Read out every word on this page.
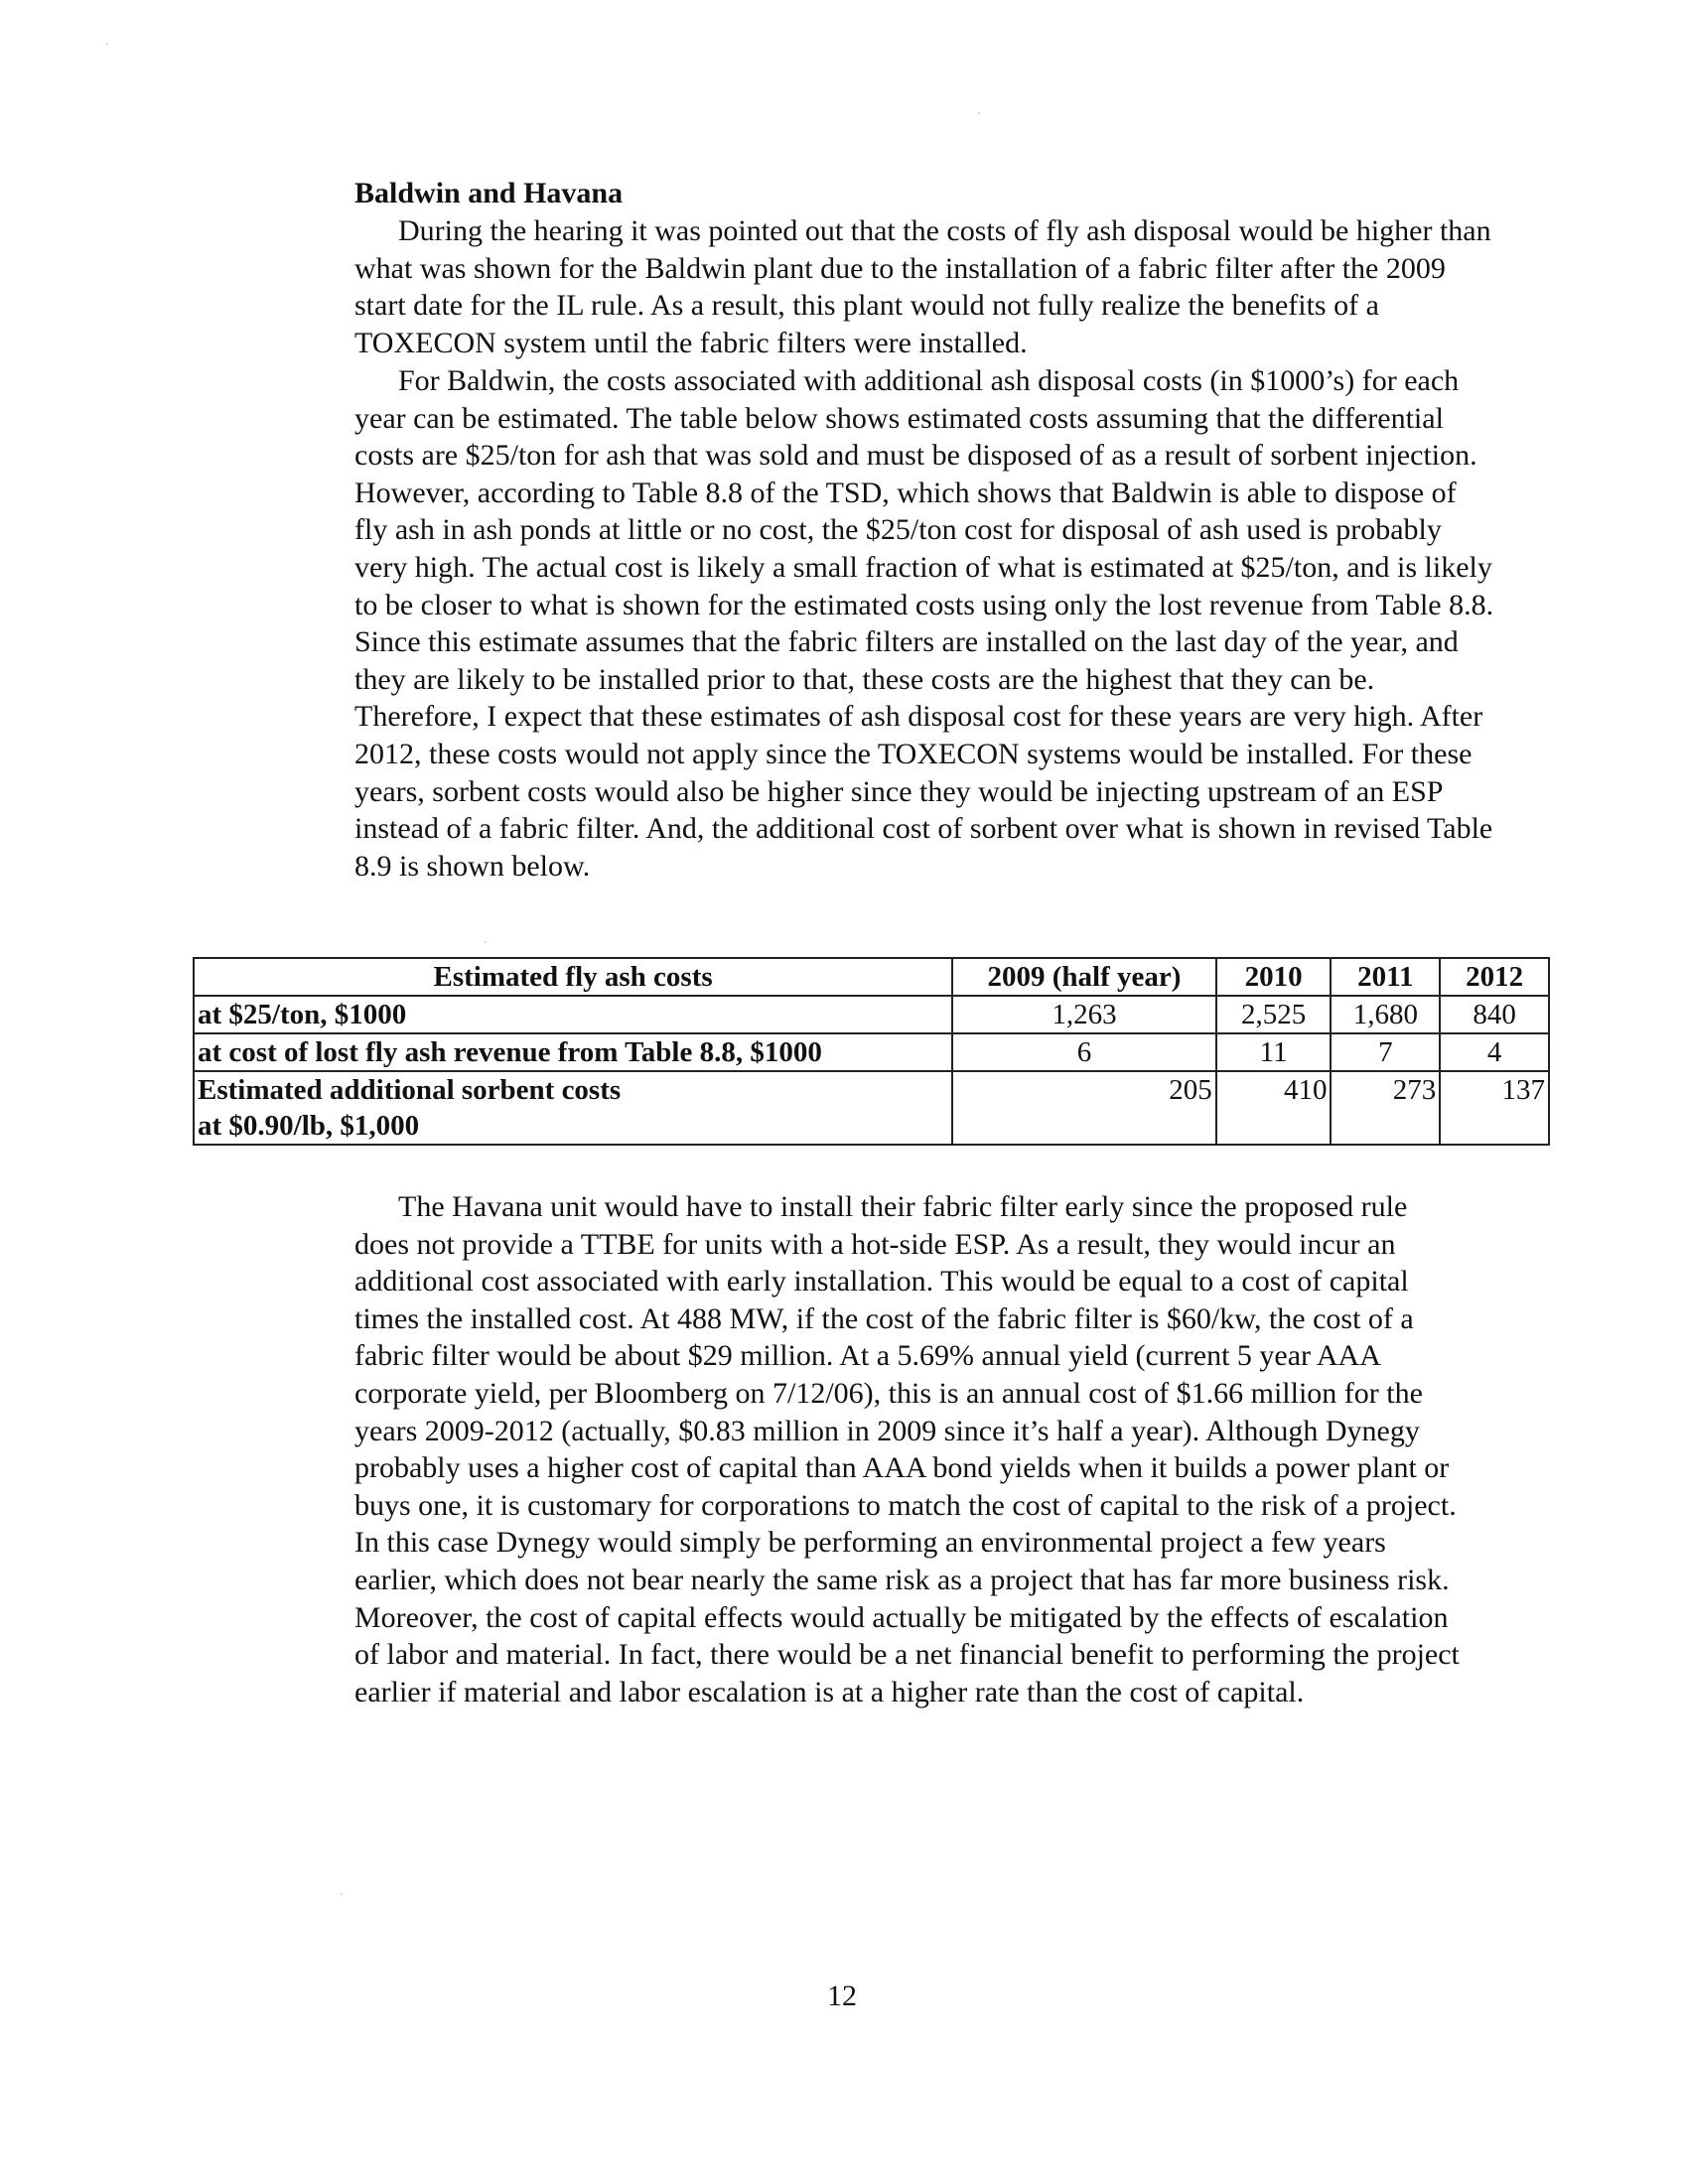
Baldwin and Havana

During the hearing it was pointed out that the costs of fly ash disposal would be higher than what was shown for the Baldwin plant due to the installation of a fabric filter after the 2009 start date for the IL rule. As a result, this plant would not fully realize the benefits of a TOXECON system until the fabric filters were installed.

For Baldwin, the costs associated with additional ash disposal costs (in $1000’s) for each year can be estimated. The table below shows estimated costs assuming that the differential costs are $25/ton for ash that was sold and must be disposed of as a result of sorbent injection. However, according to Table 8.8 of the TSD, which shows that Baldwin is able to dispose of fly ash in ash ponds at little or no cost, the $25/ton cost for disposal of ash used is probably very high. The actual cost is likely a small fraction of what is estimated at $25/ton, and is likely to be closer to what is shown for the estimated costs using only the lost revenue from Table 8.8. Since this estimate assumes that the fabric filters are installed on the last day of the year, and they are likely to be installed prior to that, these costs are the highest that they can be. Therefore, I expect that these estimates of ash disposal cost for these years are very high. After 2012, these costs would not apply since the TOXECON systems would be installed. For these years, sorbent costs would also be higher since they would be injecting upstream of an ESP instead of a fabric filter. And, the additional cost of sorbent over what is shown in revised Table 8.9 is shown below.

Estimated fly ash costs	2009 (half year)	2010	2011	2012
at $25/ton, $1000	1,263	2,525	1,680	840
at cost of lost fly ash revenue from Table 8.8, $1000	6	11	7	4

Estimated additional sorbent costs
at $0.90/lb, $1,000	205	410	273	137

The Havana unit would have to install their fabric filter early since the proposed rule does not provide a TTBE for units with a hot-side ESP. As a result, they would incur an additional cost associated with early installation. This would be equal to a cost of capital times the installed cost. At 488 MW, if the cost of the fabric filter is $60/kw, the cost of a fabric filter would be about $29 million. At a 5.69% annual yield (current 5 year AAA corporate yield, per Bloomberg on 7/12/06), this is an annual cost of $1.66 million for the years 2009-2012 (actually, $0.83 million in 2009 since it’s half a year). Although Dynegy probably uses a higher cost of capital than AAA bond yields when it builds a power plant or buys one, it is customary for corporations to match the cost of capital to the risk of a project. In this case Dynegy would simply be performing an environmental project a few years earlier, which does not bear nearly the same risk as a project that has far more business risk. Moreover, the cost of capital effects would actually be mitigated by the effects of escalation of labor and material. In fact, there would be a net financial benefit to performing the project earlier if material and labor escalation is at a higher rate than the cost of capital.

12
